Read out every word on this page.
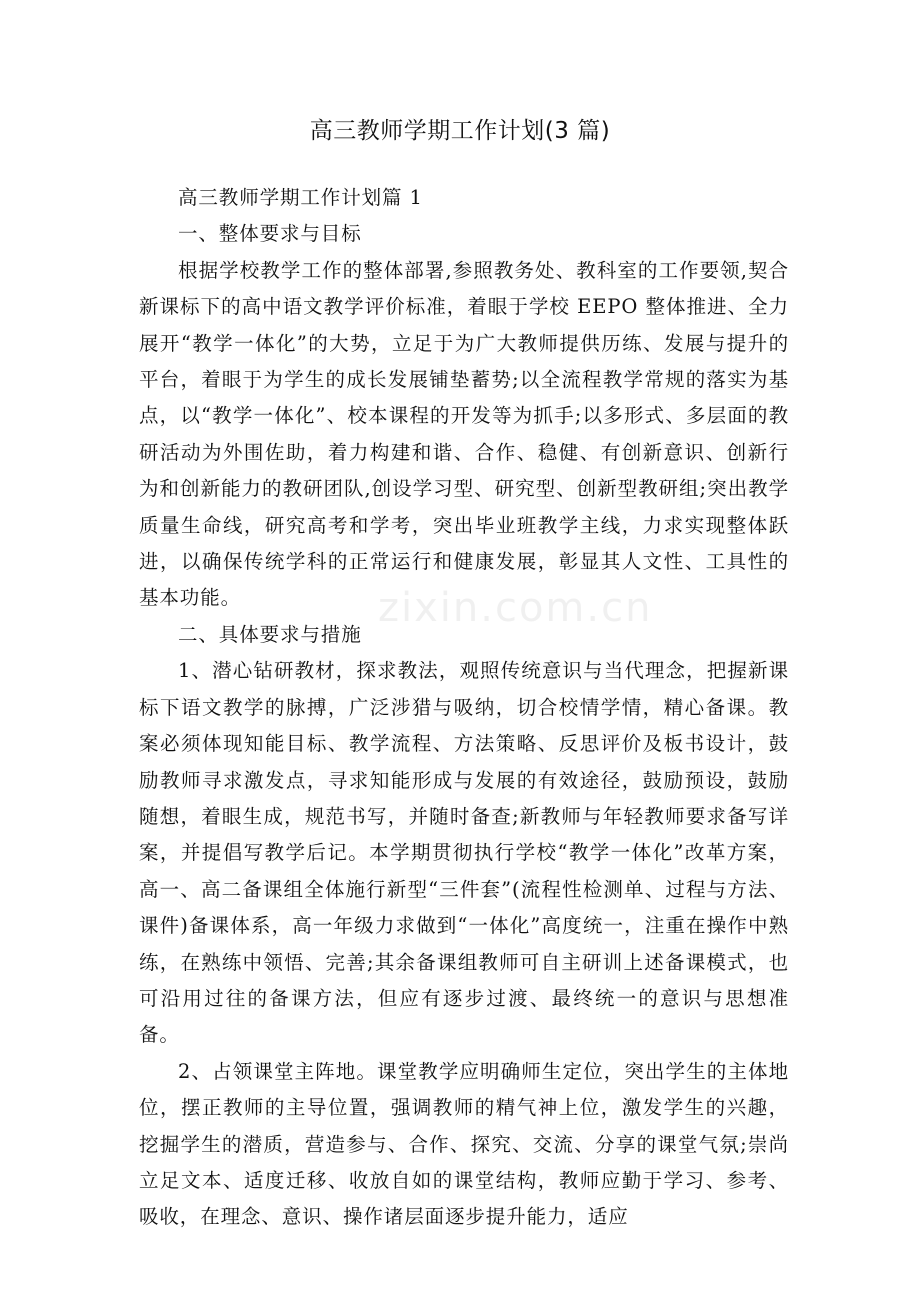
高三教师学期工作计划(3 篇)

高三教师学期工作计划篇 1

一、整体要求与目标

根据学校教学工作的整体部署,参照教务处、教科室的工作要领,契合新课标下的高中语文教学评价标准，着眼于学校 EEPO 整体推进、全力展开“教学一体化”的大势，立足于为广大教师提供历练、发展与提升的平台，着眼于为学生的成长发展铺垫蓄势;以全流程教学常规的落实为基点，以“教学一体化”、校本课程的开发等为抓手;以多形式、多层面的教研活动为外围佐助，着力构建和谐、合作、稳健、有创新意识、创新行为和创新能力的教研团队,创设学习型、研究型、创新型教研组;突出教学质量生命线，研究高考和学考，突出毕业班教学主线，力求实现整体跃进，以确保传统学科的正常运行和健康发展，彰显其人文性、工具性的基本功能。

二、具体要求与措施

1、潜心钻研教材，探求教法，观照传统意识与当代理念，把握新课标下语文教学的脉搏，广泛涉猎与吸纳，切合校情学情，精心备课。教案必须体现知能目标、教学流程、方法策略、反思评价及板书设计，鼓励教师寻求激发点，寻求知能形成与发展的有效途径，鼓励预设，鼓励随想，着眼生成，规范书写，并随时备查;新教师与年轻教师要求备写详案，并提倡写教学后记。本学期贯彻执行学校“教学一体化”改革方案，高一、高二备课组全体施行新型“三件套”(流程性检测单、过程与方法、课件)备课体系，高一年级力求做到“一体化”高度统一，注重在操作中熟练，在熟练中领悟、完善;其余备课组教师可自主研训上述备课模式，也可沿用过往的备课方法，但应有逐步过渡、最终统一的意识与思想准备。

2、占领课堂主阵地。课堂教学应明确师生定位，突出学生的主体地位，摆正教师的主导位置，强调教师的精气神上位，激发学生的兴趣，挖掘学生的潜质，营造参与、合作、探究、交流、分享的课堂气氛;崇尚立足文本、适度迁移、收放自如的课堂结构，教师应勤于学习、参考、吸收，在理念、意识、操作诸层面逐步提升能力，适应

zixin.com.cn
